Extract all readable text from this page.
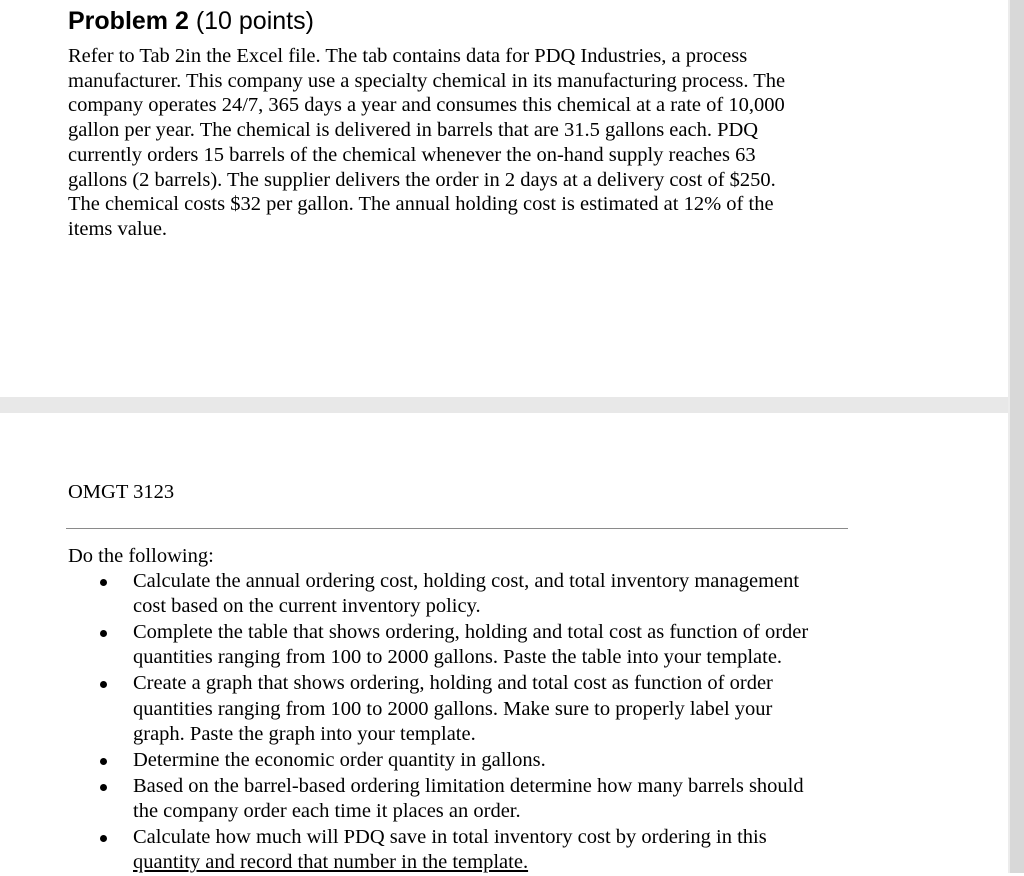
Problem 2 (10 points)

Refer to Tab 2in the Excel file. The tab contains data for PDQ Industries, a process
manufacturer. This company use a specialty chemical in its manufacturing process. The
company operates 24/7, 365 days a year and consumes this chemical at a rate of 10,000
gallon per year. The chemical is delivered in barrels that are 31.5 gallons each. PDQ
currently orders 15 barrels of the chemical whenever the on-hand supply reaches 63
gallons (2 barrels). The supplier delivers the order in 2 days at a delivery cost of $250.
The chemical costs $32 per gallon. The annual holding cost is estimated at 12% of the
items value.

OMGT 3123
Do the following:
Calculate the annual ordering cost, holding cost, and total inventory management
cost based on the current inventory policy.
Complete the table that shows ordering, holding and total cost as function of order
quantities ranging from 100 to 2000 gallons. Paste the table into your template.
Create a graph that shows ordering, holding and total cost as function of order
quantities ranging from 100 to 2000 gallons. Make sure to properly label your
graph. Paste the graph into your template.
Determine the economic order quantity in gallons.
Based on the barrel-based ordering limitation determine how many barrels should
the company order each time it places an order.
Calculate how much will PDQ save in total inventory cost by ordering in this
quantity and record that number in the template.
